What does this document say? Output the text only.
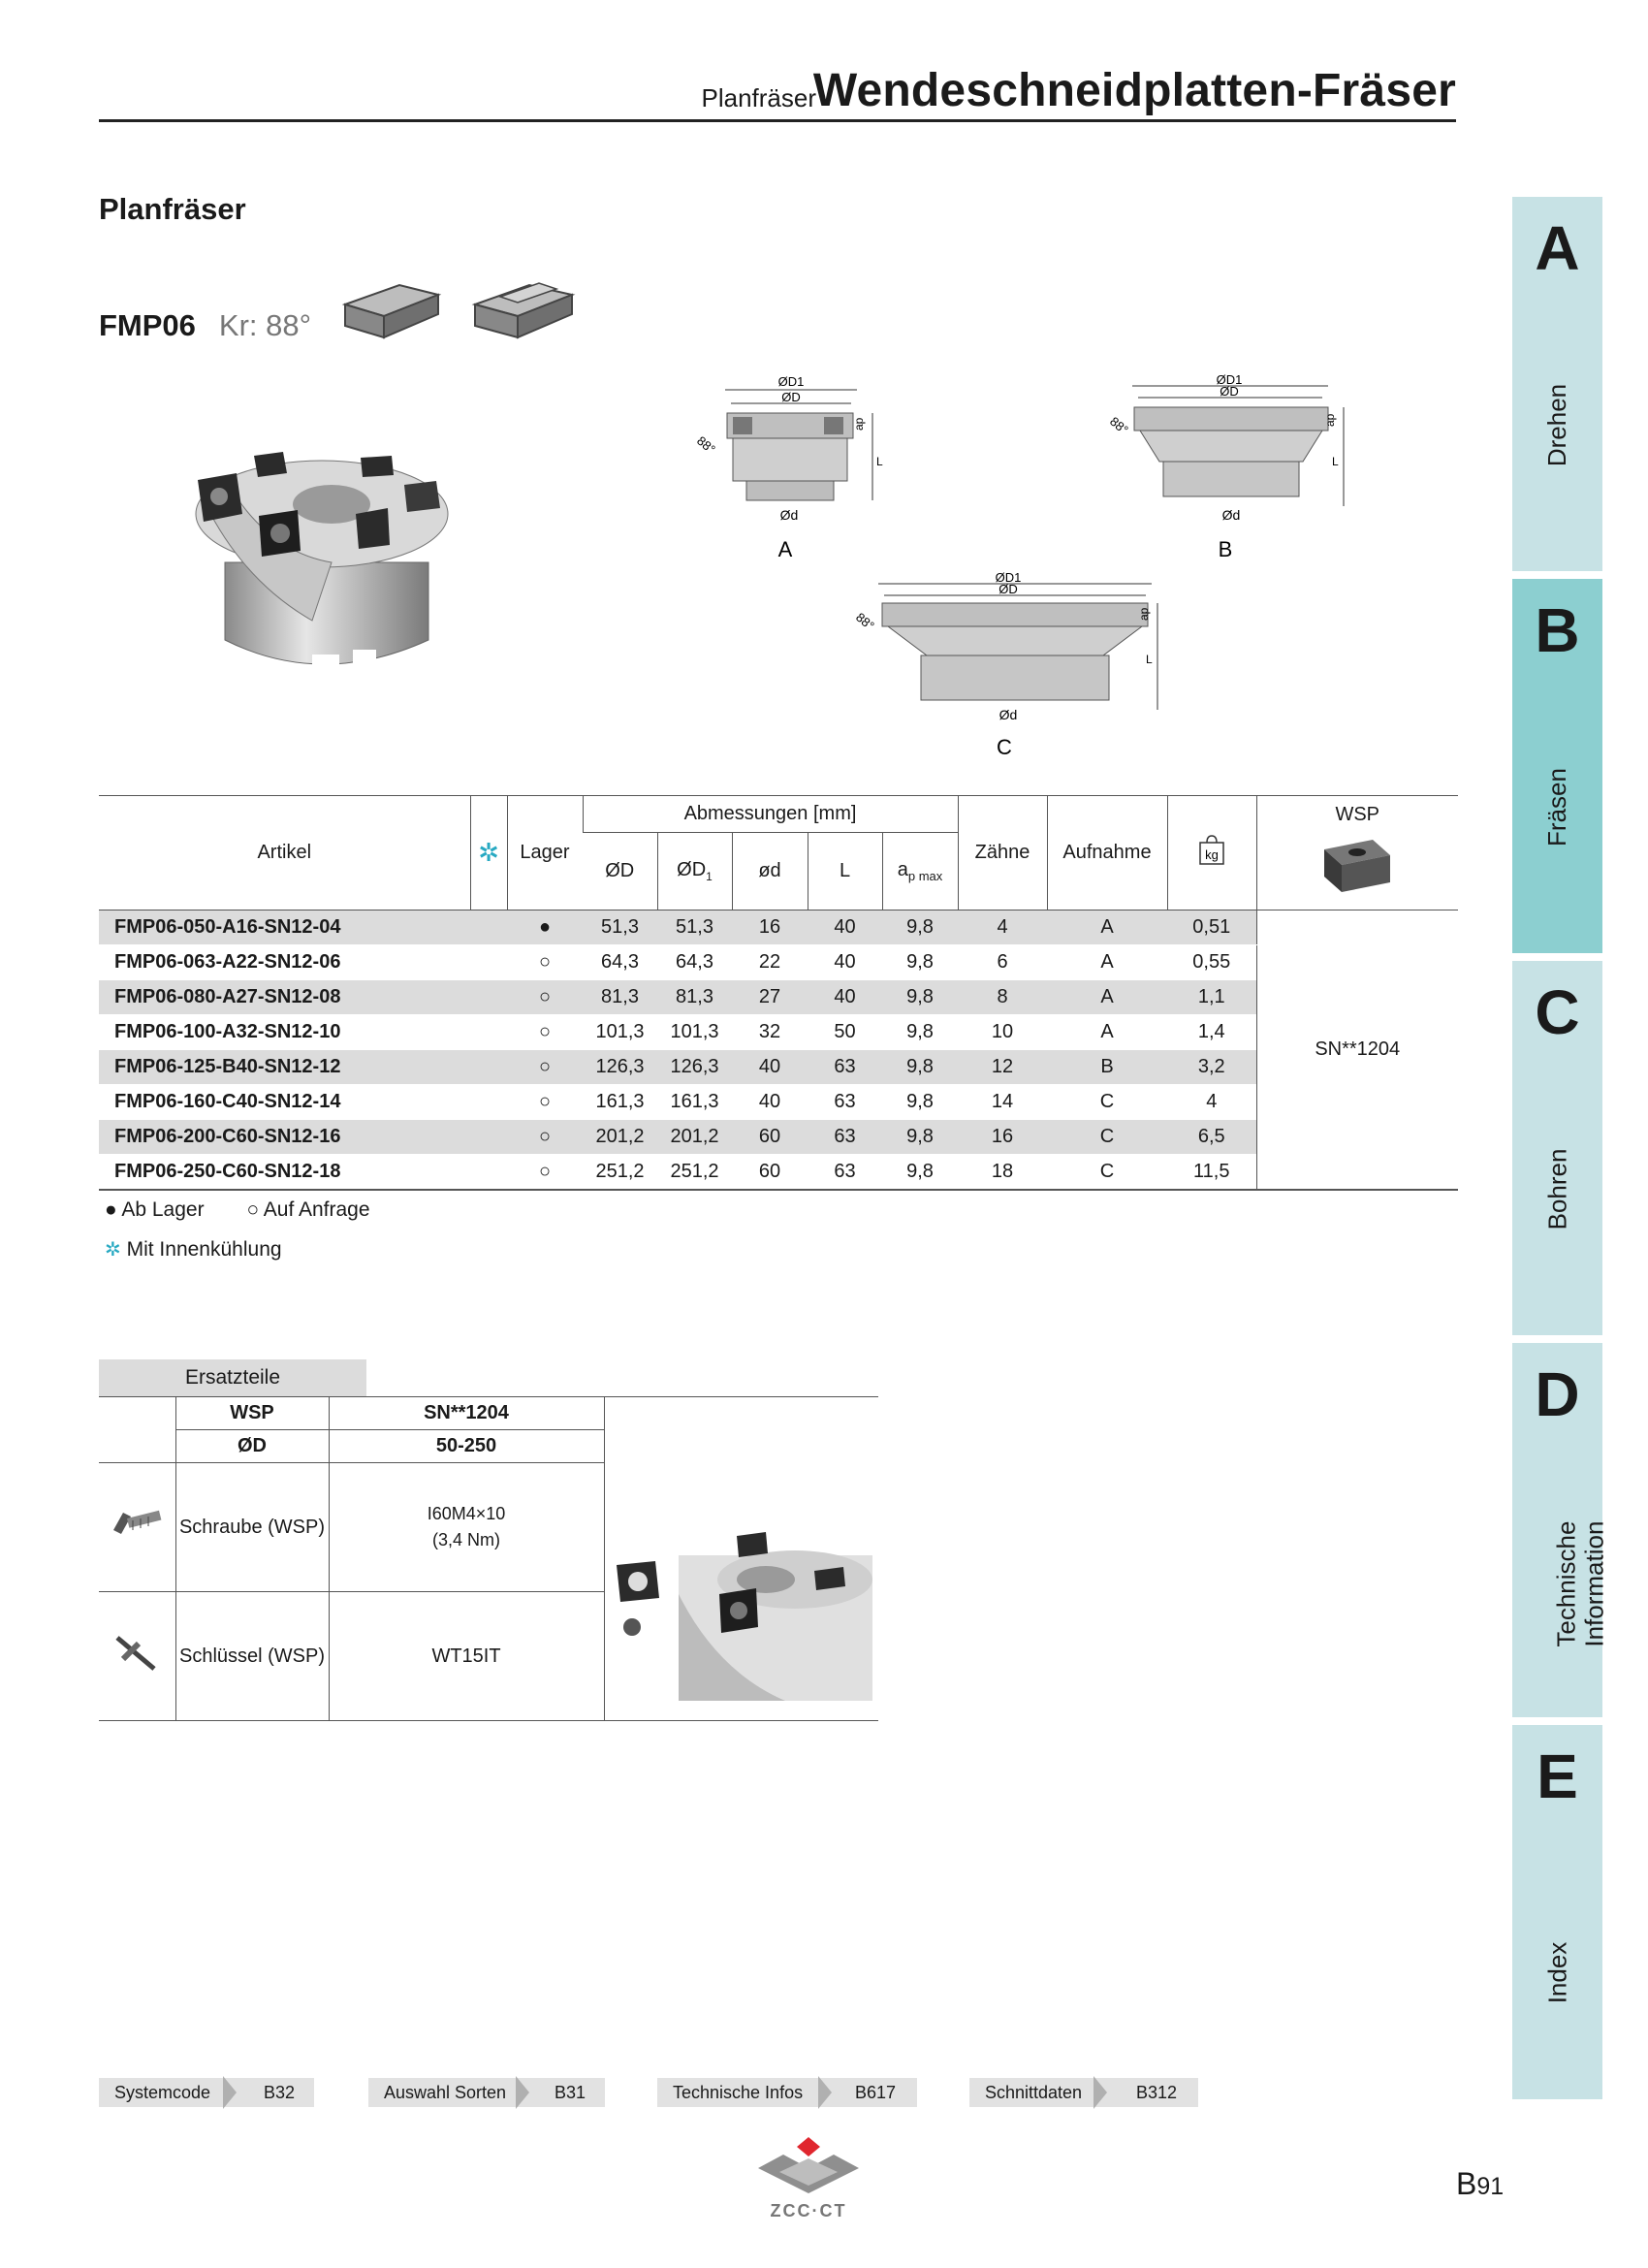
Planfräser
Wendeschneidplatten-Fräser
Planfräser
FMP06 Kr: 88°
ØD1
ØD
88°
ap
L
Ød
A
ØD1
ØD
88°	ap
L
Ød
B
ØD1
ØD
88°	ap
L
Ød
C
Artikel	✲	Lager	Abmessungen [mm]					Zähne	Aufnahme	kg	WSP

			ØD	$ØD_1$	ød	L	$a_{p max}$
FMP06-050-A16-SN12-04		●	51,3	51,3	16	40	9,8	4	A	0,51	SN**1204
FMP06-063-A22-SN12-06		○	64,3	64,3	22	40	9,8	6	A	0,55	
FMP06-080-A27-SN12-08		○	81,3	81,3	27	40	9,8	8	A	1,1	
FMP06-100-A32-SN12-10		○	101,3	101,3	32	50	9,8	10	A	1,4	
FMP06-125-B40-SN12-12		○	126,3	126,3	40	63	9,8	12	B	3,2	
FMP06-160-C40-SN12-14		○	161,3	161,3	40	63	9,8	14	C	4	
FMP06-200-C60-SN12-16		○	201,2	201,2	60	63	9,8	16	C	6,5	
FMP06-250-C60-SN12-18		○	251,2	251,2	60	63	9,8	18	C	11,5	
● Ab Lager ○ Auf Anfrage
✲ Mit Innenkühlung
Ersatzteile
	WSP	SN**1204	
	ØD	50-250	
	Schraube (WSP)	I60M4×10
(3,4 Nm)	

	Schlüssel (WSP)	WT15IT	
A
Drehen
B
Fräsen
C
Bohren
D
Technische Information
E
Index
Systemcode	B32	Auswahl Sorten	B31	Technische Infos	B617	Schnittdaten	B312
ZCC·CT
B91
